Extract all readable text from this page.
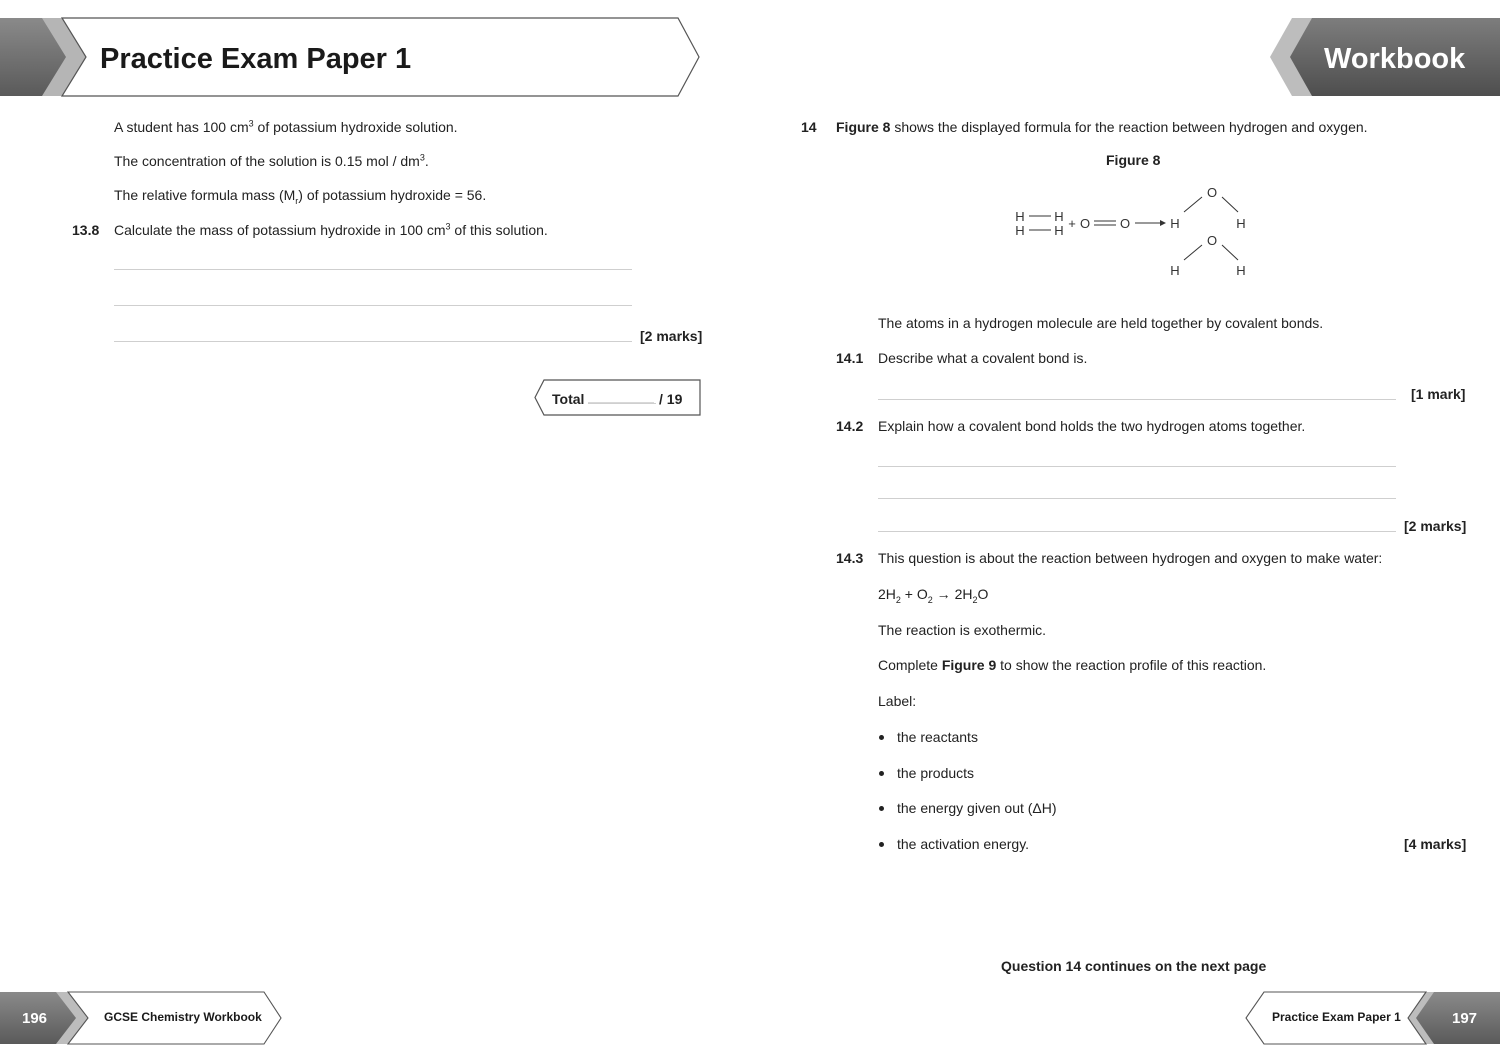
Practice Exam Paper 1	Workbook
A student has 100 $cm^3$ of potassium hydroxide solution.
The concentration of the solution is 0.15 mol / $dm^3$.
The relative formula mass $(M_r)$ of potassium hydroxide = 56.
13.8 Calculate the mass of potassium hydroxide in 100 $cm^3$ of this solution.
[2 marks]
Total	/ 19
14 Figure 8 shows the displayed formula for the reaction between hydrogen and oxygen.
Figure 8
H H
H H + O O
O
H	H
O
H	H
The atoms in a hydrogen molecule are held together by covalent bonds.
14.1 Describe what a covalent bond is.
[1 mark]
14.2 Explain how a covalent bond holds the two hydrogen atoms together.
[2 marks]
14.3 This question is about the reaction between hydrogen and oxygen to make water:
$2H_2 + O_2 \to 2H_2O$
The reaction is exothermic.
Complete Figure 9 to show the reaction profile of this reaction.
Label:
the reactants
the products
the energy given out (ΔH)
the activation energy.	[4 marks]
Question 14 continues on the next page
196	GCSE Chemistry Workbook	Practice Exam Paper 1	197
